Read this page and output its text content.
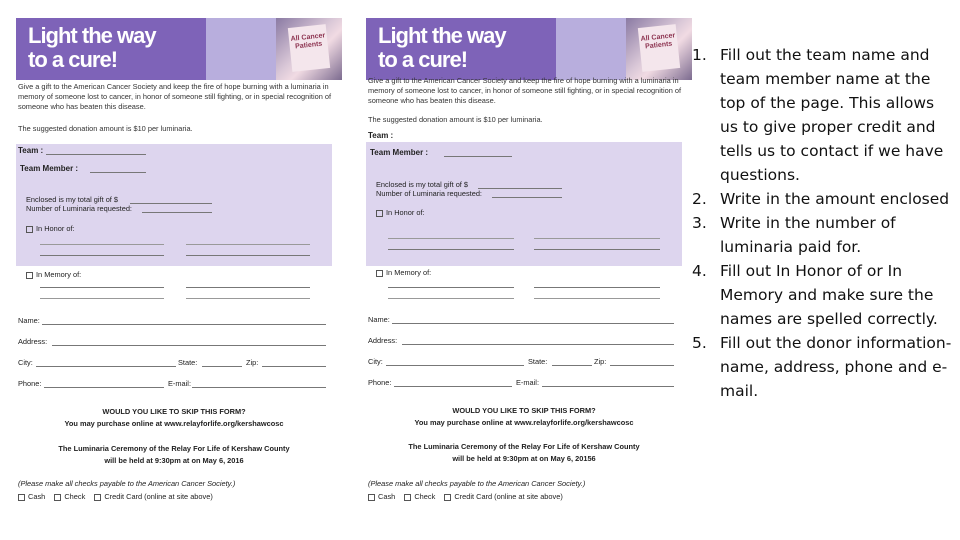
Light the way
to a cure!
All Cancer Patients
Give a gift to the American Cancer Society and keep the fire of hope burning with a luminaria in memory of someone lost to cancer, in honor of someone still fighting, or in special recognition of someone who has beaten this disease.
The suggested donation amount is $10 per luminaria.
Team :
Team Member :
Enclosed is my total gift of $
Number of Luminaria requested:
In Honor of:
In Memory of:
Name:
Address:
City:	State:	Zip:
Phone:	E-mail:
WOULD YOU LIKE TO SKIP THIS FORM?
You may purchase online at www.relayforlife.org/kershawcosc
The Luminaria Ceremony of the Relay For Life of Kershaw County
will be held at 9:30pm at on May 6, 2016
(Please make all checks payable to the American Cancer Society.)
Cash	Check	Credit Card (online at site above)
Light the way
to a cure!
All Cancer Patients
Give a gift to the American Cancer Society and keep the fire of hope burning with a luminaria in memory of someone lost to cancer, in honor of someone still fighting, or in special recognition of someone who has beaten this disease.
The suggested donation amount is $10 per luminaria.
Team :
Team Member :
Enclosed is my total gift of $
Number of Luminaria requested:
In Honor of:
In Memory of:
Name:
Address:
City:	State:	Zip:
Phone:	E-mail:
WOULD YOU LIKE TO SKIP THIS FORM?
You may purchase online at www.relayforlife.org/kershawcosc
The Luminaria Ceremony of the Relay For Life of Kershaw County
will be held at 9:30pm at on May 6, 20156
(Please make all checks payable to the American Cancer Society.)
Cash	Check	Credit Card (online at site above)
1. Fill out the team name and team member name at the top of the page. This allows us to give proper credit and tells us to contact if we have questions.
2. Write in the amount enclosed
3. Write in the number of luminaria paid for.
4. Fill out In Honor of or In Memory and make sure the names are spelled correctly.
5. Fill out the donor information-name, address, phone and e-mail.
